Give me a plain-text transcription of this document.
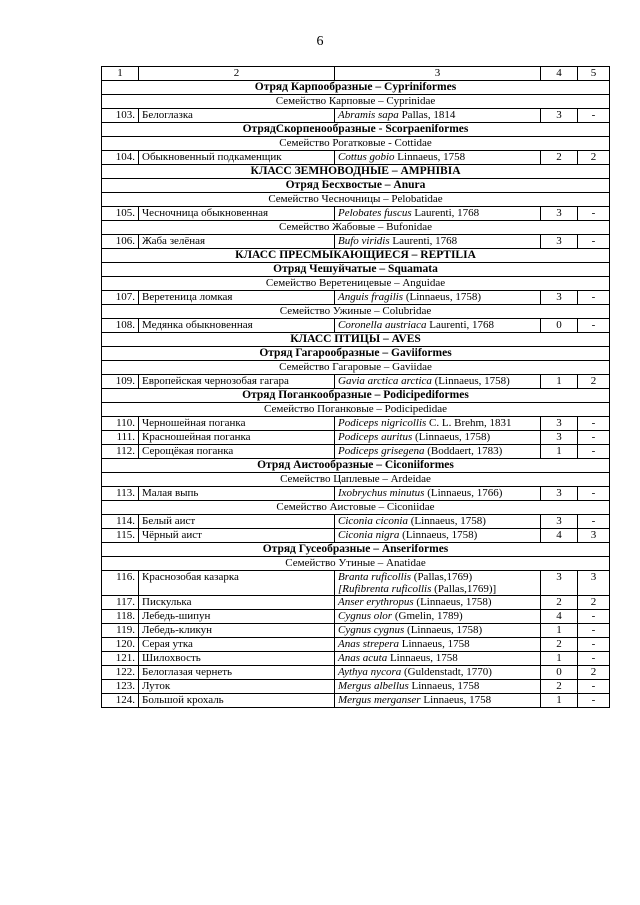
6
1	2	3	4	5
Отряд Карпообразные – Cypriniformes				
Семейство Карповые – Cyprinidae				
103.	Белоглазка	Abramis sapa Pallas, 1814	3	-
ОтрядСкорпенообразные - Scorpaeniformes				
Семейство Рогатковые - Cottidae				
104.	Обыкновенный подкаменщик	Cottus gobio Linnaeus, 1758	2	2
КЛАСС ЗЕМНОВОДНЫЕ – AMPHIBIA				
Отряд Бесхвостые – Anura				
Семейство Чесночницы – Pelobatidae				
105.	Чесночница обыкновенная	Pelobates fuscus Laurenti, 1768	3	-
Семейство Жабовые – Bufonidae				
106.	Жаба зелёная	Bufo viridis Laurenti, 1768	3	-
КЛАСС ПРЕСМЫКАЮЩИЕСЯ – REPTILIA				
Отряд Чешуйчатые – Squamata				
Семейство Веретеницевые – Anguidae				
107.	Веретеница ломкая	Anguis fragilis (Linnaeus, 1758)	3	-
Семейство Ужиные – Colubridae				
108.	Медянка обыкновенная	Coronella austriaca Laurenti, 1768	0	-
КЛАСС ПТИЦЫ – AVES				
Отряд Гагарообразные – Gaviiformes				
Семейство Гагаровые – Gaviidae				
109.	Европейская чернозобая гагара	Gavia arctica arctica (Linnaeus, 1758)	1	2
Отряд Поганкообразные – Podicipediformes				
Семейство Поганковые – Podicipedidae				
110.	Черношейная поганка	Podiceps nigricollis C. L. Brehm, 1831	3	-
111.	Красношейная поганка	Podiceps auritus (Linnaeus, 1758)	3	-
112.	Серощёкая поганка	Podiceps grisegena (Boddaert, 1783)	1	-
Отряд Аистообразные – Ciconiiformes				
Семейство Цаплевые – Ardeidae				
113.	Малая выпь	Ixobrychus minutus (Linnaeus, 1766)	3	-
Семейство Аистовые – Ciconiidae				
114.	Белый аист	Ciconia ciconia (Linnaeus, 1758)	3	-
115.	Чёрный аист	Ciconia nigra (Linnaeus, 1758)	4	3
Отряд Гусеобразные – Anseriformes				
Семейство Утиные – Anatidae				
116.	Краснозобая казарка	Branta ruficollis (Pallas,1769)
[Rufibrenta ruficollis (Pallas,1769)]	3	3
117.	Пискулька	Anser erythropus (Linnaeus, 1758)	2	2
118.	Лебедь-шипун	Cygnus olor (Gmelin, 1789)	4	-
119.	Лебедь-кликун	Cygnus cygnus (Linnaeus, 1758)	1	-
120.	Серая утка	Anas strepera Linnaeus, 1758	2	-
121.	Шилохвость	Anas acuta Linnaeus, 1758	1	-
122.	Белоглазая чернеть	Aythya nycora (Guldenstadt, 1770)	0	2
123.	Луток	Mergus albellus Linnaeus, 1758	2	-
124.	Большой крохаль	Mergus merganser Linnaeus, 1758	1	-
